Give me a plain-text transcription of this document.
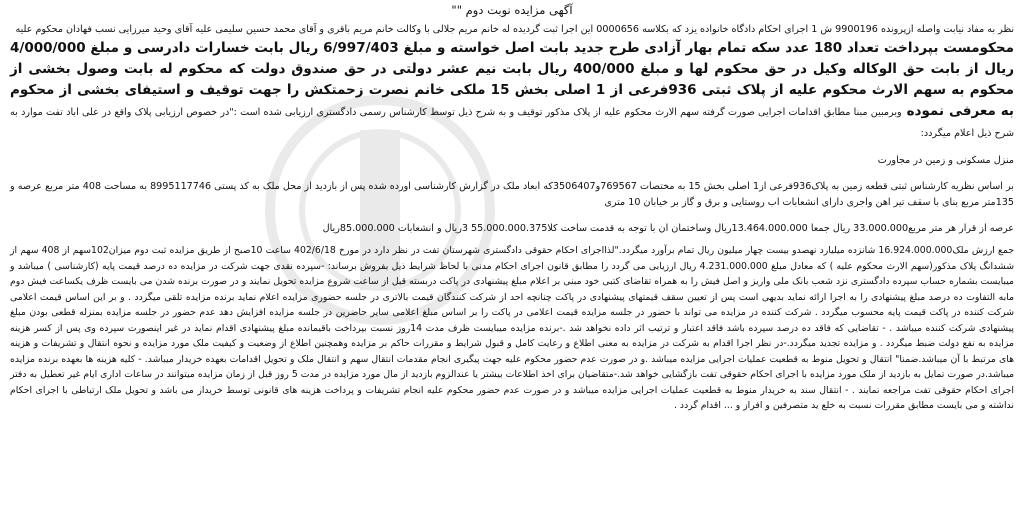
آگهی مزایده نوبت دوم ""

نظر به مفاد نیابت واصله ازپرونده 9900196 ش 1 اجرای احکام دادگاه خانواده یزد که بکلاسه 0000656 این اجرا ثبت گردیده له خانم مریم جلالی با وکالت خانم مریم باقری و آقای محمد حسین سلیمی علیه آقای وحید میرزایی نسب فهادان محکوم علیه

محکومست بپرداخت تعداد 180 عدد سکه تمام بهار آزادی طرح جدید بابت اصل خواسته و مبلغ 6/997/403 ریال بابت خسارات دادرسی و مبلغ 4/000/000 ریال از بابت حق الوکاله وکیل در حق محکوم لها و مبلغ 400/000 ریال بابت نیم عشر دولتی در حق صندوق دولت که محکوم له بابت وصول بخشی از محکوم به سهم الارث محکوم علیه از پلاک ثبتی 936فرعی از 1 اصلی بخش 15 ملکی خانم نصرت زحمتکش را جهت توقیف و استیفای بخشی از محکوم به معرفی نموده وبرمبین مبنا مطابق اقدامات اجرایی صورت گرفته سهم الارث محکوم علیه از پلاک مذکور توقیف و به شرح ذیل توسط کارشناس رسمی دادگستری ارزیابی شده است :"در خصوص ارزیابی پلاک واقع در علی اباد تفت موارد به شرح ذیل اعلام میگردد:

منزل مسکونی و زمین در مجاورت

بر اساس نظریه کارشناس ثبتی قطعه زمین به پلاک936فرعی از1 اصلی بخش 15 به مختصات 769567و3506407که ابعاد ملک در گزارش کارشناسی اورده شده پس از بازدید از محل ملک به کد پستی 8995117746 به مساحت 408 متر مربع عرصه و 135متر مربع بنای با سقف تیر اهن واجری دارای انشعابات اب روستایی و برق و گاز بر خیابان 10 متری

عرصه از قرار هر متر مربع33.000.000 ریال جمعا 13.464.000.000ریال وساختمان ان با توجه به قدمت ساخت کلا55.000.000.375 3ریال و انشعابات 85.000.000ریال

جمع ارزش ملک16.924.000.000 شانزده میلیارد نهصدو بیست چهار میلیون ریال تمام برآورد میگردد."لذااجرای احکام حقوقی دادگستری شهرستان تفت در نظر دارد در مورخ 402/6/18 ساعت 10صبح از طریق مزایده ثبت دوم میزان102سهم از 408 سهم از ششدانگ پلاک مذکور(سهم الارث محکوم علیه ) که معادل مبلغ 4.231.000.000 ریال ارزیابی می گردد را مطابق قانون اجرای احکام مدنی با لحاظ شرایط ذیل بفروش برساند: -سپرده نقدی جهت شرکت در مزایده ده درصد قیمت پایه (کارشناسی ) میباشد و میبایست بشماره حساب سپرده دادگستری نزد شعب بانک ملی واریز و اصل فیش را به همراه تقاضای کتبی خود مبنی بر اعلام مبلغ پیشنهادی در پاکت دربسته قبل از ساعت شروع مزایده تحویل نمایند و در صورت برنده شدن می بایست ظرف یکساعت فیش دوم مابه التفاوت ده درصد مبلغ پیشنهادی را به اجرا ارائه نماید بدیهی است پس از تعیین سقف قیمتهای پیشنهادی در پاکت چنانچه احد از شرکت کنندگان قیمت بالاتری در جلسه حضوری مزایده اعلام نماید برنده مزایده تلقی میگردد . و بر این اساس قیمت اعلامی شرکت کننده در پاکت قیمت پایه محسوب میگردد . شرکت کننده در مزایده می تواند با حضور در جلسه مزایده قیمت اعلامی در پاکت را بر اساس مبلغ اعلامی سایر حاضرین در جلسه مزایده افزایش دهد عدم حضور در جلسه مزایده بمنزله قطعی بودن مبلغ پیشنهادی شرکت کننده میباشد . - تقاضایی که فاقد ده درصد سپرده باشد فاقد اعتبار و ترتیب اثر داده نخواهد شد .-برنده مزایده میبایست ظرف مدت 14روز نسبت بپرداخت باقیمانده مبلغ پیشنهادی اقدام نماید در غیر اینصورت سپرده وی پس از کسر هزینه مزایده به نفع دولت ضبط میگردد . و مزایده تجدید میگردد.-در نظر اجرا اقدام به شرکت در مزایده به معنی اطلاع و رعایت کامل و قبول شرایط و مقررات حاکم بر مزایده وهمچنین اطلاع از وضعیت و کیفیت ملک مورد مزایده و نحوه انتقال و تشریفات و هزینه های مرتبط با آن میباشد.ضمنا" انتقال و تحویل منوط به قطعیت عملیات اجرایی مزایده میباشد .و در صورت عدم حضور محکوم علیه جهت پیگیری انجام مقدمات انتقال سهم و انتقال ملک و تحویل اقدامات بعهده خریدار میباشد. - کلیه هزینه ها بعهده برنده مزایده میباشد.در صورت تمایل به بازدید از ملک مورد مزایده با اجرای احکام حقوقی تفت بازگشایی خواهد شد.-متقاضیان برای اخذ اطلاعات بیشتر یا عندالزوم بازدید از مال مورد مزایده در مدت 5 روز قبل از زمان مزایده میتوانند در ساعات اداری ایام غیر تعطیل به دفتر اجرای احکام حقوقی تفت مراجعه نمایند . - انتقال سند به خریدار منوط به قطعیت عملیات اجرایی مزایده میباشد و در صورت عدم حضور محکوم علیه انجام تشریفات و پرداخت هزینه های قانونی توسط خریدار می باشد و تحویل ملک ارتباطی با اجرای احکام نداشته و می بایست مطابق مقررات نسبت به خلع ید متصرفین و افراز و ... اقدام گردد .
